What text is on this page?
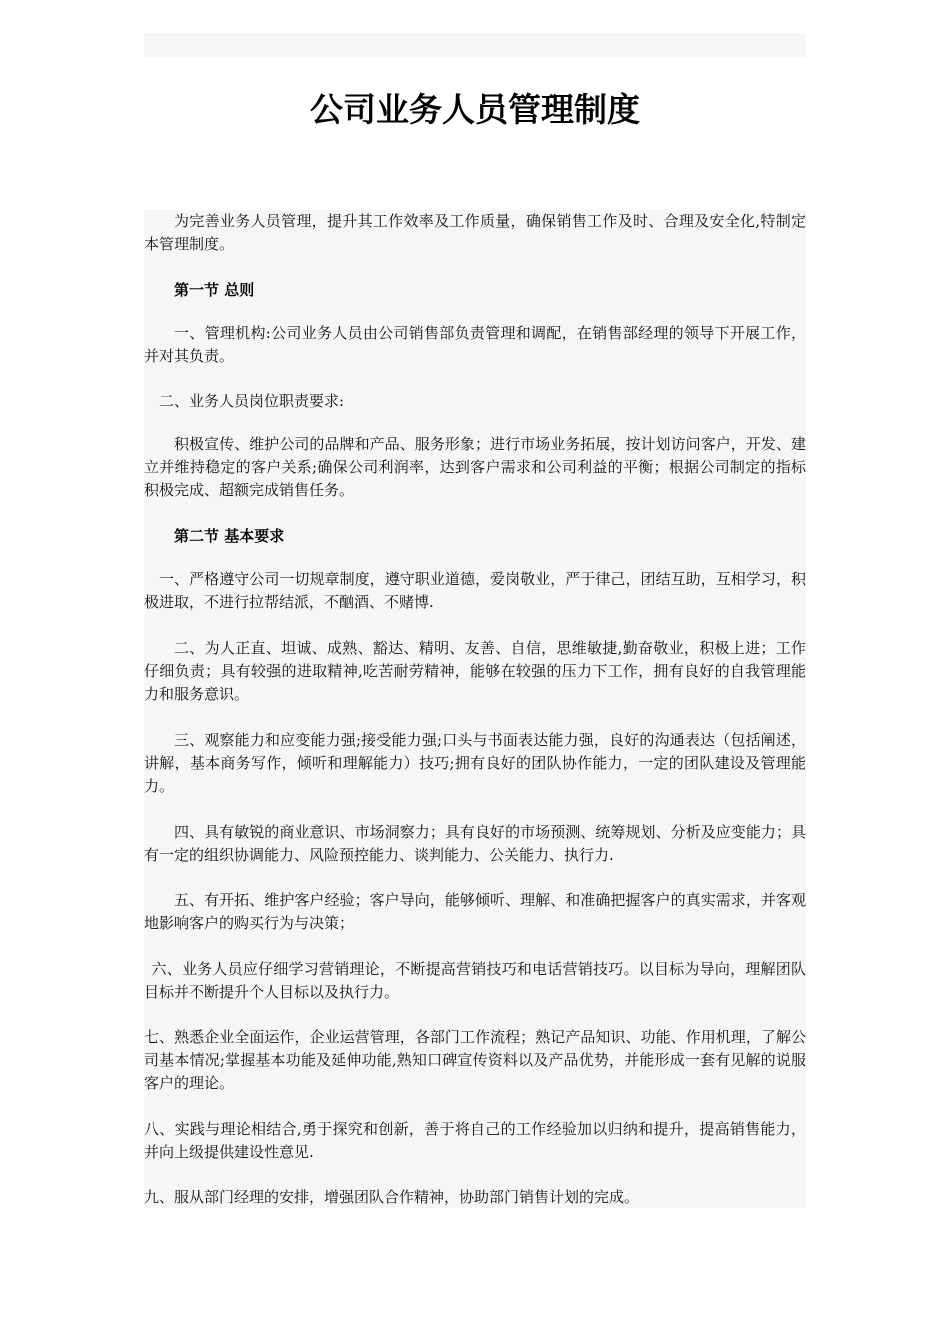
公司业务人员管理制度

为完善业务人员管理，提升其工作效率及工作质量，确保销售工作及时、合理及安全化,特制定本管理制度。

第一节 总则

一、管理机构:公司业务人员由公司销售部负责管理和调配，在销售部经理的领导下开展工作，并对其负责。

二、业务人员岗位职责要求:

积极宣传、维护公司的品牌和产品、服务形象；进行市场业务拓展，按计划访问客户，开发、建立并维持稳定的客户关系;确保公司利润率，达到客户需求和公司利益的平衡；根据公司制定的指标积极完成、超额完成销售任务。

第二节 基本要求

一、严格遵守公司一切规章制度，遵守职业道德，爱岗敬业，严于律己，团结互助，互相学习，积极进取，不进行拉帮结派，不酗酒、不赌博.

二、为人正直、坦诚、成熟、豁达、精明、友善、自信，思维敏捷,勤奋敬业，积极上进；工作仔细负责；具有较强的进取精神,吃苦耐劳精神，能够在较强的压力下工作，拥有良好的自我管理能力和服务意识。

三、观察能力和应变能力强;接受能力强;口头与书面表达能力强，良好的沟通表达（包括阐述，讲解，基本商务写作，倾听和理解能力）技巧;拥有良好的团队协作能力，一定的团队建设及管理能力。

四、具有敏锐的商业意识、市场洞察力；具有良好的市场预测、统筹规划、分析及应变能力；具有一定的组织协调能力、风险预控能力、谈判能力、公关能力、执行力.

五、有开拓、维护客户经验；客户导向，能够倾听、理解、和准确把握客户的真实需求，并客观地影响客户的购买行为与决策；

六、业务人员应仔细学习营销理论，不断提高营销技巧和电话营销技巧。以目标为导向，理解团队目标并不断提升个人目标以及执行力。

七、熟悉企业全面运作，企业运营管理，各部门工作流程；熟记产品知识、功能、作用机理，了解公司基本情况;掌握基本功能及延伸功能,熟知口碑宣传资料以及产品优势，并能形成一套有见解的说服客户的理论。

八、实践与理论相结合,勇于探究和创新，善于将自己的工作经验加以归纳和提升，提高销售能力，并向上级提供建设性意见.

九、服从部门经理的安排，增强团队合作精神，协助部门销售计划的完成。
